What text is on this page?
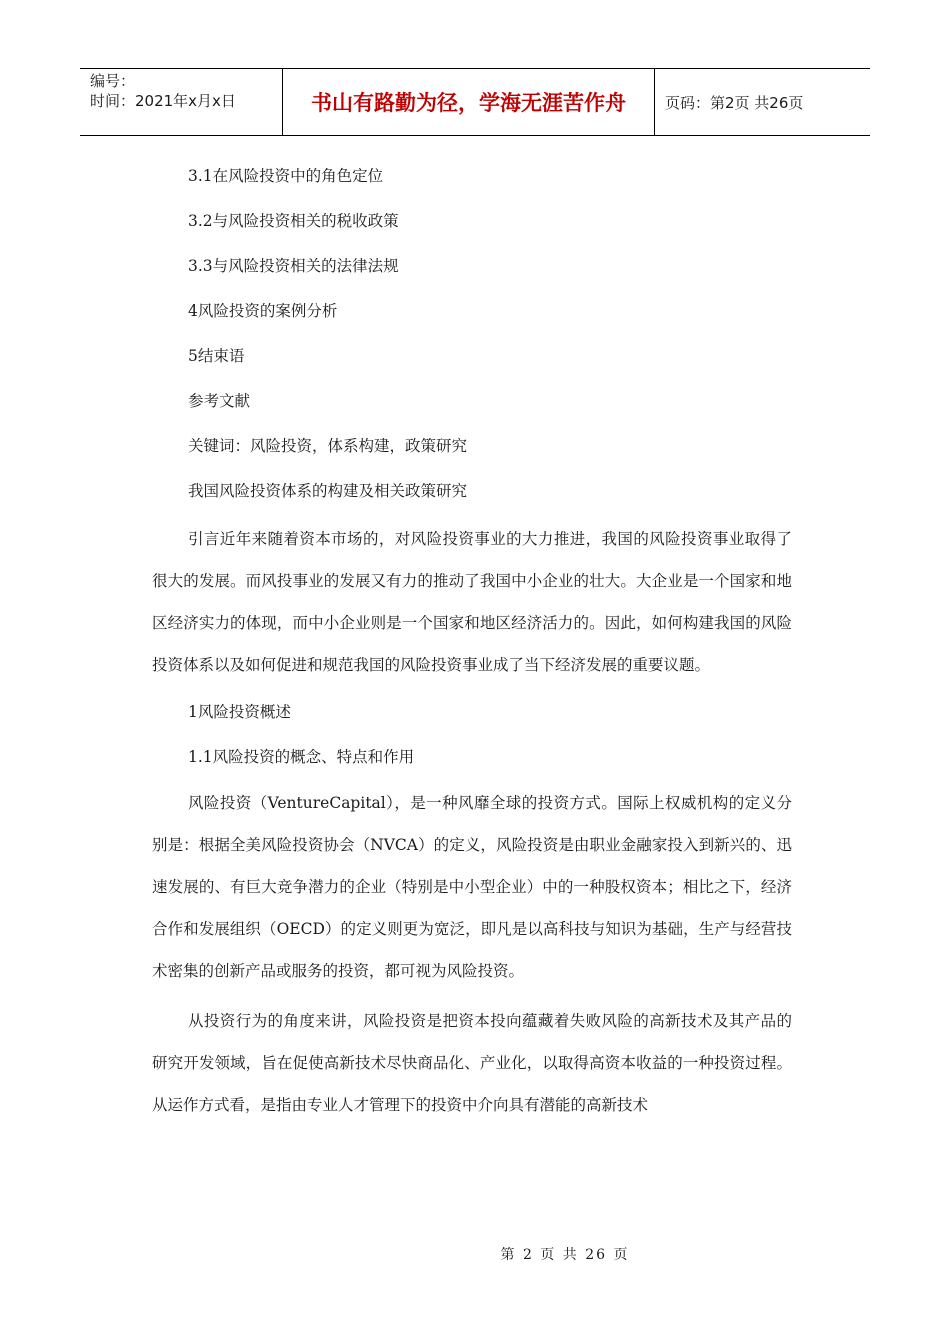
编号：
时间：2021年x月x日	书山有路勤为径，学海无涯苦作舟	页码：第2页 共26页

3.1在风险投资中的角色定位

3.2与风险投资相关的税收政策

3.3与风险投资相关的法律法规

4风险投资的案例分析

5结束语

参考文献

关键词：风险投资，体系构建，政策研究

我国风险投资体系的构建及相关政策研究

引言近年来随着资本市场的，对风险投资事业的大力推进，我国的风险投资事业取得了很大的发展。而风投事业的发展又有力的推动了我国中小企业的壮大。大企业是一个国家和地区经济实力的体现，而中小企业则是一个国家和地区经济活力的。因此，如何构建我国的风险投资体系以及如何促进和规范我国的风险投资事业成了当下经济发展的重要议题。

1风险投资概述

1.1风险投资的概念、特点和作用

风险投资（VentureCapital），是一种风靡全球的投资方式。国际上权威机构的定义分别是：根据全美风险投资协会（NVCA）的定义，风险投资是由职业金融家投入到新兴的、迅速发展的、有巨大竞争潜力的企业（特别是中小型企业）中的一种股权资本；相比之下，经济合作和发展组织（OECD）的定义则更为宽泛，即凡是以高科技与知识为基础，生产与经营技术密集的创新产品或服务的投资，都可视为风险投资。

从投资行为的角度来讲，风险投资是把资本投向蕴藏着失败风险的高新技术及其产品的研究开发领域，旨在促使高新技术尽快商品化、产业化，以取得高资本收益的一种投资过程。从运作方式看，是指由专业人才管理下的投资中介向具有潜能的高新技术

第 2 页 共 26 页
